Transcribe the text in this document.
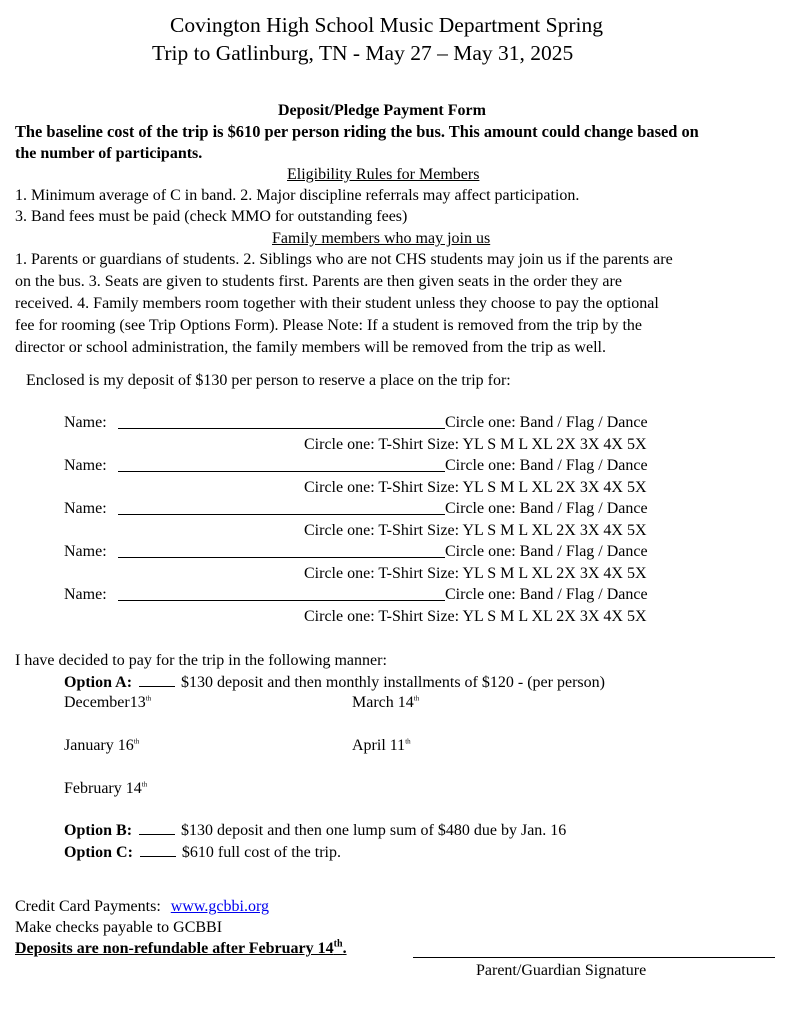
Covington High School Music Department Spring
Trip to Gatlinburg, TN - May 27 – May 31, 2025
Deposit/Pledge Payment Form
The baseline cost of the trip is $610 per person riding the bus. This amount could change based on
the number of participants.
Eligibility Rules for Members
1. Minimum average of C in band. 2. Major discipline referrals may affect participation.
3. Band fees must be paid (check MMO for outstanding fees)
Family members who may join us
1. Parents or guardians of students. 2. Siblings who are not CHS students may join us if the parents are
on the bus. 3. Seats are given to students first. Parents are then given seats in the order they are
received. 4. Family members room together with their student unless they choose to pay the optional
fee for rooming (see Trip Options Form). Please Note: If a student is removed from the trip by the
director or school administration, the family members will be removed from the trip as well.
Enclosed is my deposit of $130 per person to reserve a place on the trip for:
Name:	Circle one: Band / Flag / Dance
Circle one: T-Shirt Size: YL S M L XL 2X 3X 4X 5X
Name:	Circle one: Band / Flag / Dance
Circle one: T-Shirt Size: YL S M L XL 2X 3X 4X 5X
Name:	Circle one: Band / Flag / Dance
Circle one: T-Shirt Size: YL S M L XL 2X 3X 4X 5X
Name:	Circle one: Band / Flag / Dance
Circle one: T-Shirt Size: YL S M L XL 2X 3X 4X 5X
Name:	Circle one: Band / Flag / Dance
Circle one: T-Shirt Size: YL S M L XL 2X 3X 4X 5X
I have decided to pay for the trip in the following manner:
Option A:	$130 deposit and then monthly installments of $120 - (per person)
December13th	March 14th
January 16th	April 11th
February 14th
Option B:	$130 deposit and then one lump sum of $480 due by Jan. 16
Option C:	$610 full cost of the trip.
Credit Card Payments: www.gcbbi.org
Make checks payable to GCBBI
Deposits are non-refundable after February 14th.
Parent/Guardian Signature
